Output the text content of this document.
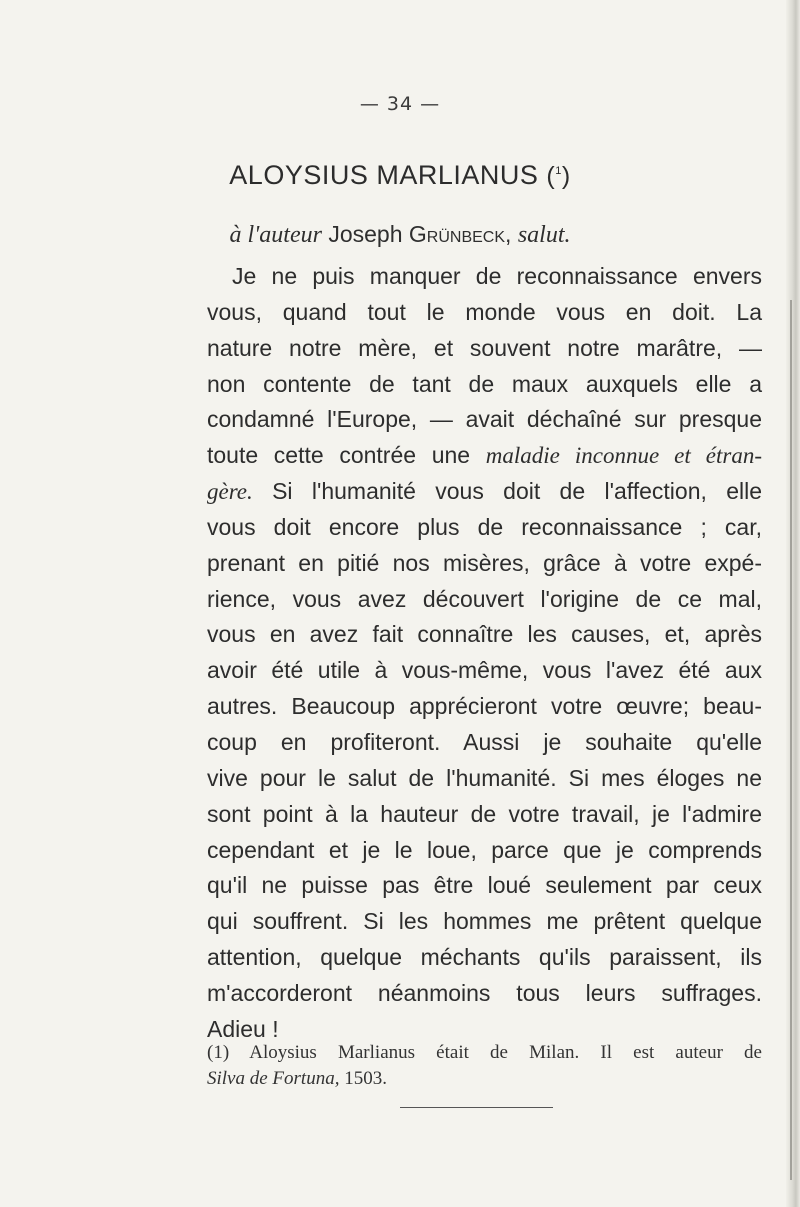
— 34 —
ALOYSIUS MARLIANUS ($^1$)
à l'auteur Joseph Grünbeck, salut.
Je ne puis manquer de reconnaissance envers
vous, quand tout le monde vous en doit. La
nature notre mère, et souvent notre marâtre, —
non contente de tant de maux auxquels elle a
condamné l'Europe, — avait déchaîné sur presque
toute cette contrée une maladie inconnue et étran-
gère. Si l'humanité vous doit de l'affection, elle
vous doit encore plus de reconnaissance ; car,
prenant en pitié nos misères, grâce à votre expé-
rience, vous avez découvert l'origine de ce mal,
vous en avez fait connaître les causes, et, après
avoir été utile à vous-même, vous l'avez été aux
autres. Beaucoup apprécieront votre œuvre; beau-
coup en profiteront. Aussi je souhaite qu'elle
vive pour le salut de l'humanité. Si mes éloges ne
sont point à la hauteur de votre travail, je l'admire
cependant et je le loue, parce que je comprends
qu'il ne puisse pas être loué seulement par ceux
qui souffrent. Si les hommes me prêtent quelque
attention, quelque méchants qu'ils paraissent, ils
m'accorderont néanmoins tous leurs suffrages.
Adieu !
(1) Aloysius Marlianus était de Milan. Il est auteur de
Silva de Fortuna, 1503.
